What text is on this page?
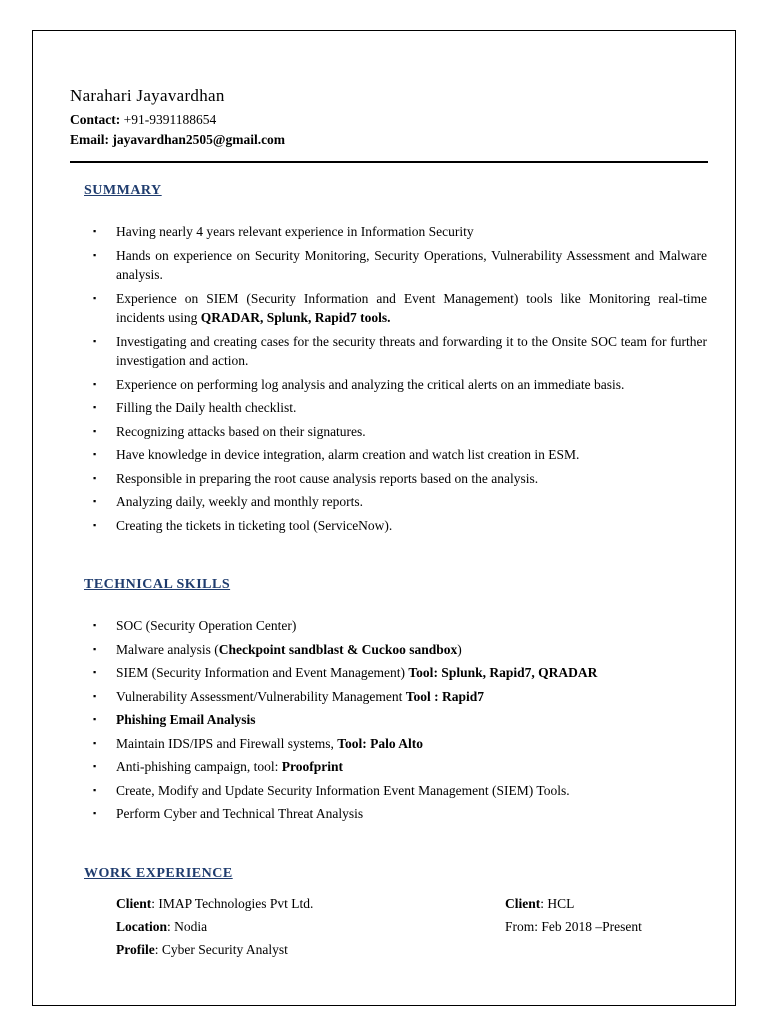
Narahari Jayavardhan
Contact: +91-9391188654
Email: jayavardhan2505@gmail.com
SUMMARY
▪ Having nearly 4 years relevant experience in Information Security
▪ Hands on experience on Security Monitoring, Security Operations, Vulnerability Assessment and Malware analysis.
▪ Experience on SIEM (Security Information and Event Management) tools like Monitoring real-time incidents using QRADAR, Splunk, Rapid7 tools.
▪ Investigating and creating cases for the security threats and forwarding it to the Onsite SOC team for further investigation and action.
▪ Experience on performing log analysis and analyzing the critical alerts on an immediate basis.
▪ Filling the Daily health checklist.
▪ Recognizing attacks based on their signatures.
▪ Have knowledge in device integration, alarm creation and watch list creation in ESM.
▪ Responsible in preparing the root cause analysis reports based on the analysis.
▪ Analyzing daily, weekly and monthly reports.
▪ Creating the tickets in ticketing tool (ServiceNow).
TECHNICAL SKILLS
▪ SOC (Security Operation Center)
▪ Malware analysis (Checkpoint sandblast & Cuckoo sandbox)
▪ SIEM (Security Information and Event Management) Tool: Splunk, Rapid7, QRADAR
▪ Vulnerability Assessment/Vulnerability Management Tool : Rapid7
▪ Phishing Email Analysis
▪ Maintain IDS/IPS and Firewall systems, Tool: Palo Alto
▪ Anti-phishing campaign, tool: Proofprint
▪ Create, Modify and Update Security Information Event Management (SIEM) Tools.
▪ Perform Cyber and Technical Threat Analysis
WORK EXPERIENCE
Client: IMAP Technologies Pvt Ltd.	Client: HCL
Location: Nodia	From: Feb 2018 –Present
Profile: Cyber Security Analyst
